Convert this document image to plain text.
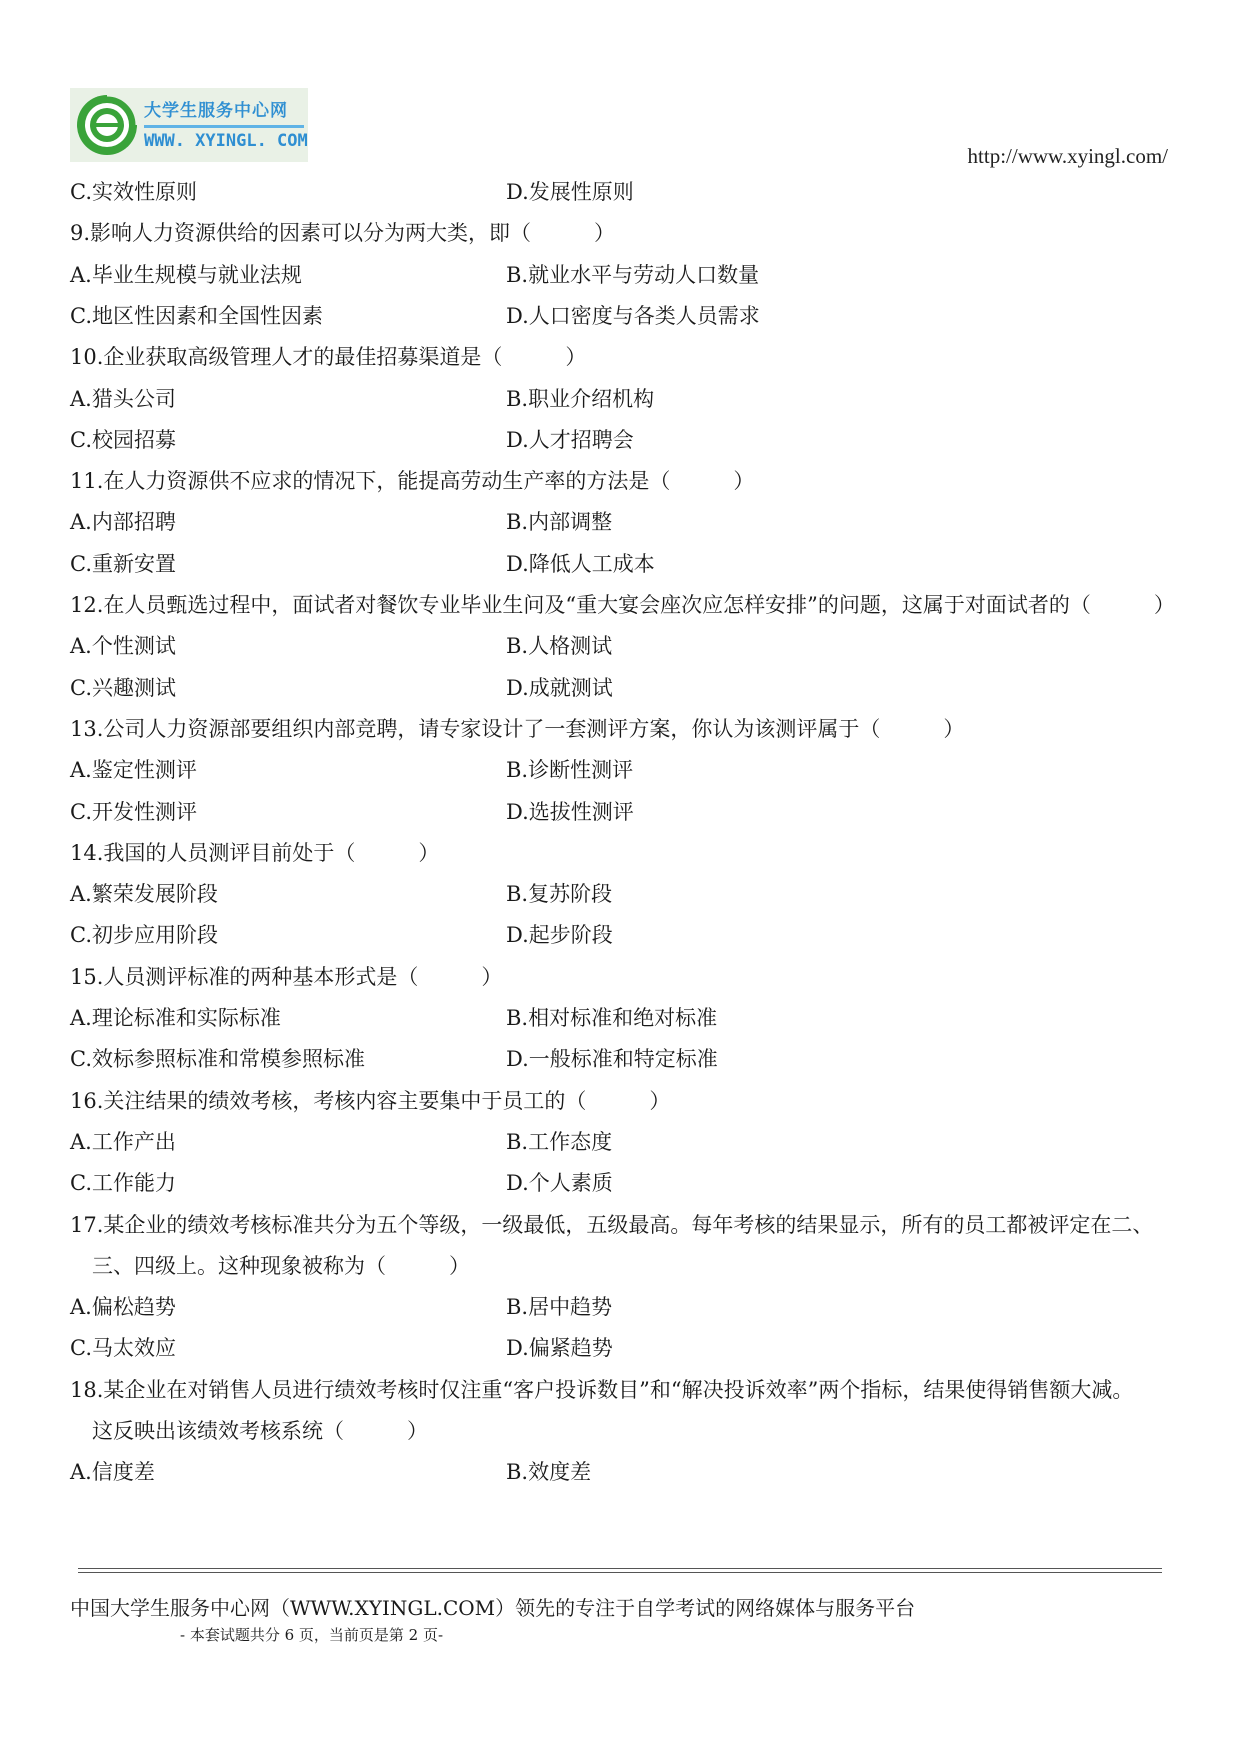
大学生服务中心网
WWW. XYINGL. COM
http://www.xyingl.com/
C.实效性原则	D.发展性原则
9.影响人力资源供给的因素可以分为两大类，即（　　　）
A.毕业生规模与就业法规	B.就业水平与劳动人口数量
C.地区性因素和全国性因素	D.人口密度与各类人员需求
10.企业获取高级管理人才的最佳招募渠道是（　　　）
A.猎头公司	B.职业介绍机构
C.校园招募	D.人才招聘会
11.在人力资源供不应求的情况下，能提高劳动生产率的方法是（　　　）
A.内部招聘	B.内部调整
C.重新安置	D.降低人工成本
12.在人员甄选过程中，面试者对餐饮专业毕业生问及“重大宴会座次应怎样安排”的问题，这属于对面试者的（　　　）
A.个性测试	B.人格测试
C.兴趣测试	D.成就测试
13.公司人力资源部要组织内部竞聘，请专家设计了一套测评方案，你认为该测评属于（　　　）
A.鉴定性测评	B.诊断性测评
C.开发性测评	D.选拔性测评
14.我国的人员测评目前处于（　　　）
A.繁荣发展阶段	B.复苏阶段
C.初步应用阶段	D.起步阶段
15.人员测评标准的两种基本形式是（　　　）
A.理论标准和实际标准	B.相对标准和绝对标准
C.效标参照标准和常模参照标准	D.一般标准和特定标准
16.关注结果的绩效考核，考核内容主要集中于员工的（　　　）
A.工作产出	B.工作态度
C.工作能力	D.个人素质
17.某企业的绩效考核标准共分为五个等级，一级最低，五级最高。每年考核的结果显示，所有的员工都被评定在二、
三、四级上。这种现象被称为（　　　）
A.偏松趋势	B.居中趋势
C.马太效应	D.偏紧趋势
18.某企业在对销售人员进行绩效考核时仅注重“客户投诉数目”和“解决投诉效率”两个指标，结果使得销售额大减。
这反映出该绩效考核系统（　　　）
A.信度差	B.效度差
中国大学生服务中心网（WWW.XYINGL.COM）领先的专注于自学考试的网络媒体与服务平台
- 本套试题共分 6 页，当前页是第 2 页-
